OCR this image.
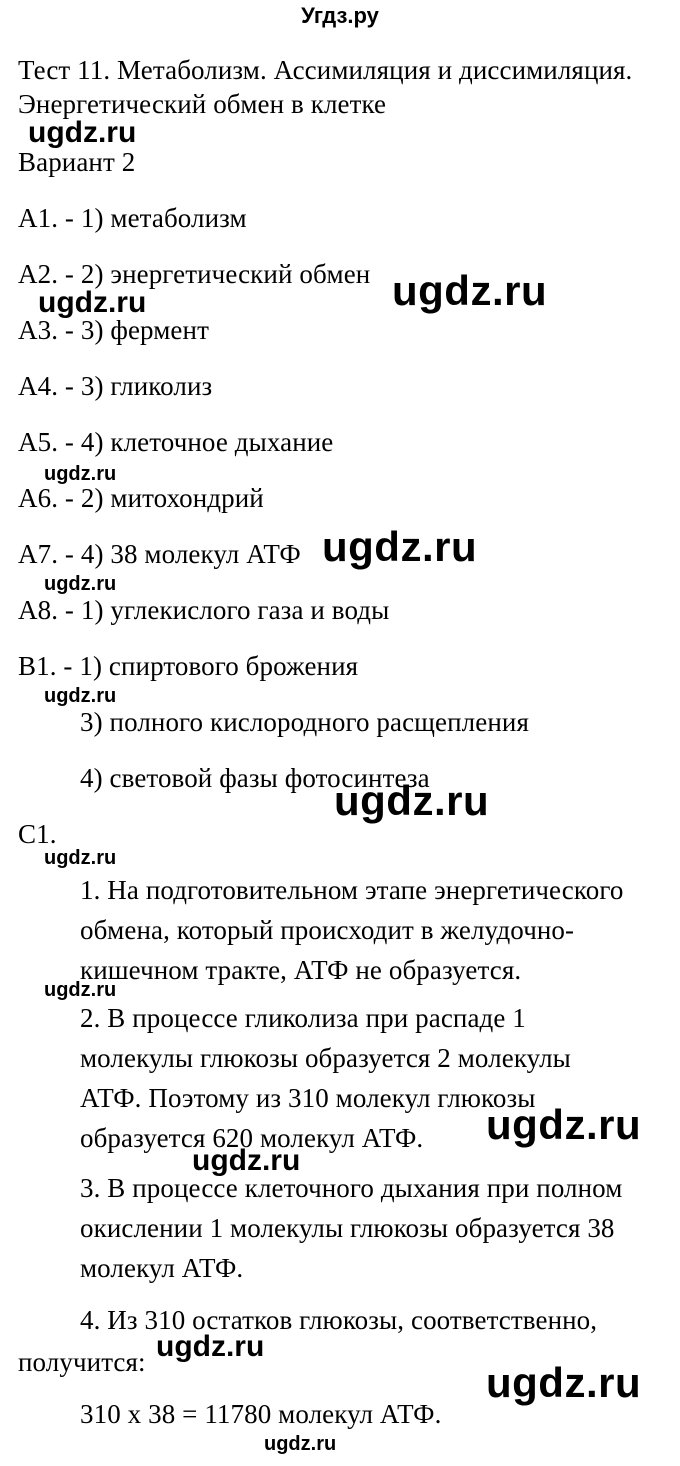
Угдз.ру
Тест 11. Метаболизм. Ассимиляция и диссимиляция.
Энергетический обмен в клетке
Вариант 2
А1. - 1) метаболизм
А2. - 2) энергетический обмен
А3. - 3) фермент
А4. - 3) гликолиз
А5. - 4) клеточное дыхание
А6. - 2) митохондрий
А7. - 4) 38 молекул АТФ
А8. - 1) углекислого газа и воды
В1. - 1) спиртового брожения
3) полного кислородного расщепления
4) световой фазы фотосинтеза
С1.
1. На подготовительном этапе энергетического
обмена, который происходит в желудочно-
кишечном тракте, АТФ не образуется.
2. В процессе гликолиза при распаде 1
молекулы глюкозы образуется 2 молекулы
АТФ. Поэтому из 310 молекул глюкозы
образуется 620 молекул АТФ.
3. В процессе клеточного дыхания при полном
окислении 1 молекулы глюкозы образуется 38
молекул АТФ.
4. Из 310 остатков глюкозы, соответственно,
получится:
310 х 38 = 11780 молекул АТФ.
ugdz.ru
ugdz.ru	ugdz.ru
ugdz.ru
ugdz.ru
ugdz.ru
ugdz.ru
ugdz.ru
ugdz.ru
ugdz.ru
ugdz.ru
ugdz.ru
ugdz.ru
ugdz.ru
ugdz.ru
